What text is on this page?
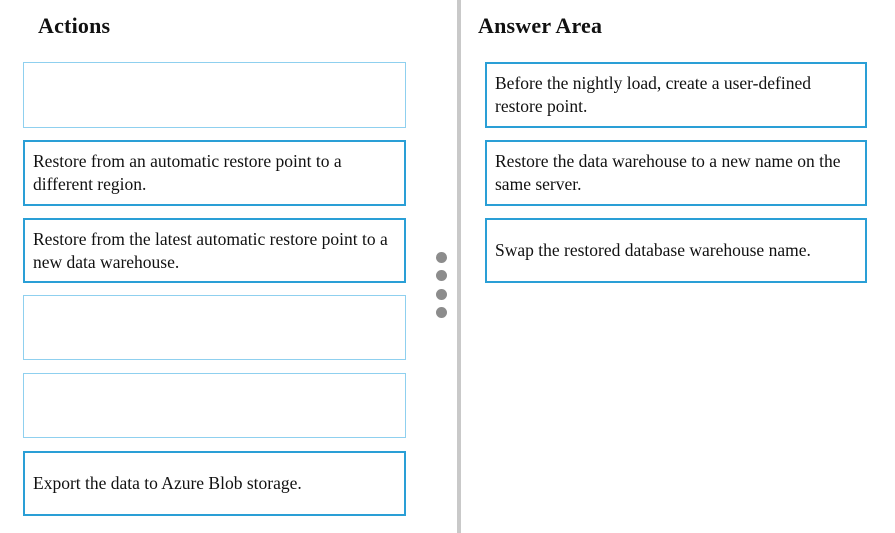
Actions	Answer Area
Restore from an automatic restore point to a different region.
Restore from the latest automatic restore point to a new data warehouse.
Export the data to Azure Blob storage.
Before the nightly load, create a user-defined restore point.
Restore the data warehouse to a new name on the same server.
Swap the restored database warehouse name.
